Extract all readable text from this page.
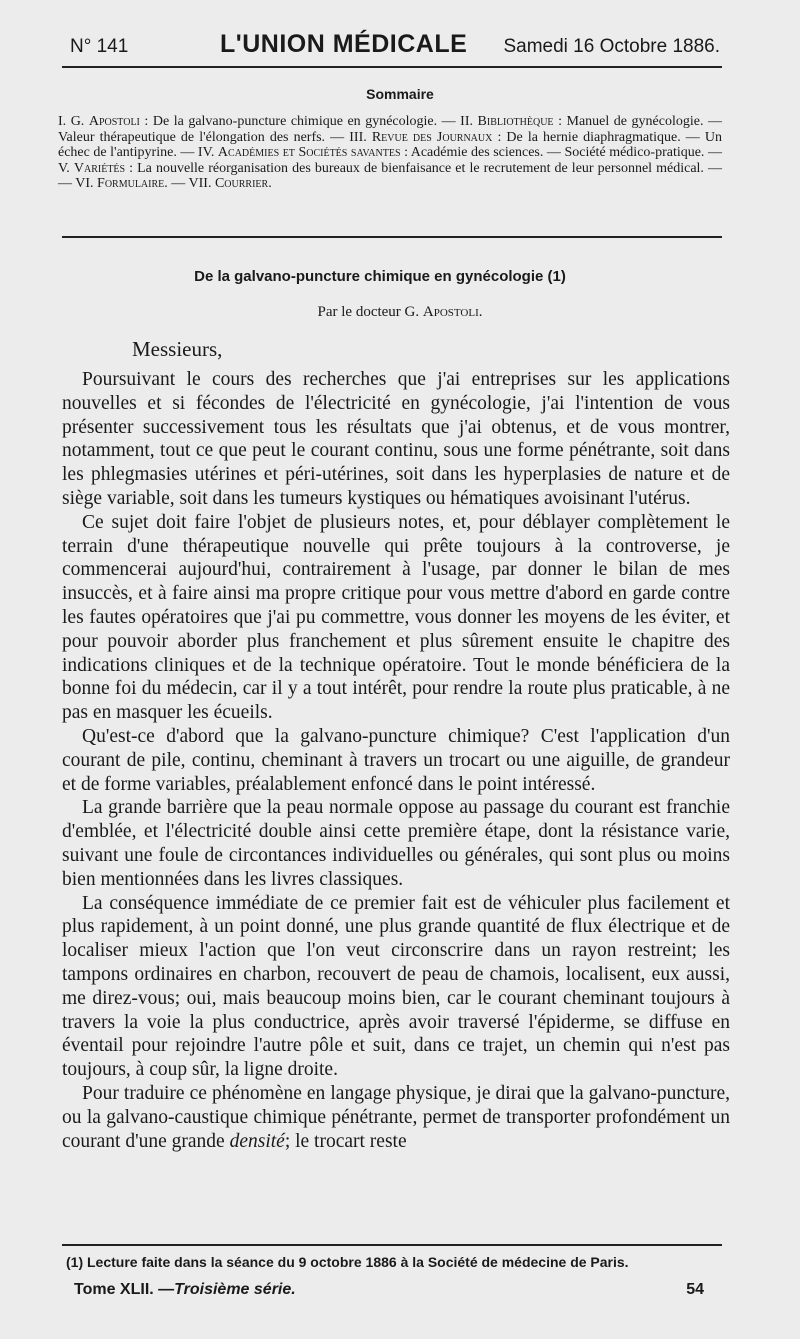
N° 141	L'UNION MÉDICALE Samedi 16 Octobre 1886.
Sommaire
I. G. Apostoli : De la galvano-puncture chimique en gynécologie. — II. Bibliothèque : Manuel de gynécologie. — Valeur thérapeutique de l'élongation des nerfs. — III. Revue des Journaux : De la hernie diaphragmatique. — Un échec de l'antipyrine. — IV. Académies et Sociétés savantes : Académie des sciences. — Société médico-pratique. — V. Variétés : La nouvelle réorganisation des bureaux de bienfaisance et le recrutement de leur personnel médical. — — VI. Formulaire. — VII. Courrier.
De la galvano-puncture chimique en gynécologie (1)
Par le docteur G. Apostoli.
Messieurs,

Poursuivant le cours des recherches que j'ai entreprises sur les applications nouvelles et si fécondes de l'électricité en gynécologie, j'ai l'intention de vous présenter successivement tous les résultats que j'ai obtenus, et de vous montrer, notamment, tout ce que peut le courant continu, sous une forme pénétrante, soit dans les phlegmasies utérines et péri-utérines, soit dans les hyperplasies de nature et de siège variable, soit dans les tumeurs kystiques ou hématiques avoisinant l'utérus.

Ce sujet doit faire l'objet de plusieurs notes, et, pour déblayer complètement le terrain d'une thérapeutique nouvelle qui prête toujours à la controverse, je commencerai aujourd'hui, contrairement à l'usage, par donner le bilan de mes insuccès, et à faire ainsi ma propre critique pour vous mettre d'abord en garde contre les fautes opératoires que j'ai pu commettre, vous donner les moyens de les éviter, et pour pouvoir aborder plus franchement et plus sûrement ensuite le chapitre des indications cliniques et de la technique opératoire. Tout le monde bénéficiera de la bonne foi du médecin, car il y a tout intérêt, pour rendre la route plus praticable, à ne pas en masquer les écueils.

Qu'est-ce d'abord que la galvano-puncture chimique? C'est l'application d'un courant de pile, continu, cheminant à travers un trocart ou une aiguille, de grandeur et de forme variables, préalablement enfoncé dans le point intéressé.

La grande barrière que la peau normale oppose au passage du courant est franchie d'emblée, et l'électricité double ainsi cette première étape, dont la résistance varie, suivant une foule de circontances individuelles ou générales, qui sont plus ou moins bien mentionnées dans les livres classiques.

La conséquence immédiate de ce premier fait est de véhiculer plus facilement et plus rapidement, à un point donné, une plus grande quantité de flux électrique et de localiser mieux l'action que l'on veut circonscrire dans un rayon restreint; les tampons ordinaires en charbon, recouvert de peau de chamois, localisent, eux aussi, me direz-vous; oui, mais beaucoup moins bien, car le courant cheminant toujours à travers la voie la plus conductrice, après avoir traversé l'épiderme, se diffuse en éventail pour rejoindre l'autre pôle et suit, dans ce trajet, un chemin qui n'est pas toujours, à coup sûr, la ligne droite.

Pour traduire ce phénomène en langage physique, je dirai que la galvano-puncture, ou la galvano-caustique chimique pénétrante, permet de transporter profondément un courant d'une grande densité; le trocart reste

(1) Lecture faite dans la séance du 9 octobre 1886 à la Société de médecine de Paris.
Tome XLII. — Troisième série.	54
